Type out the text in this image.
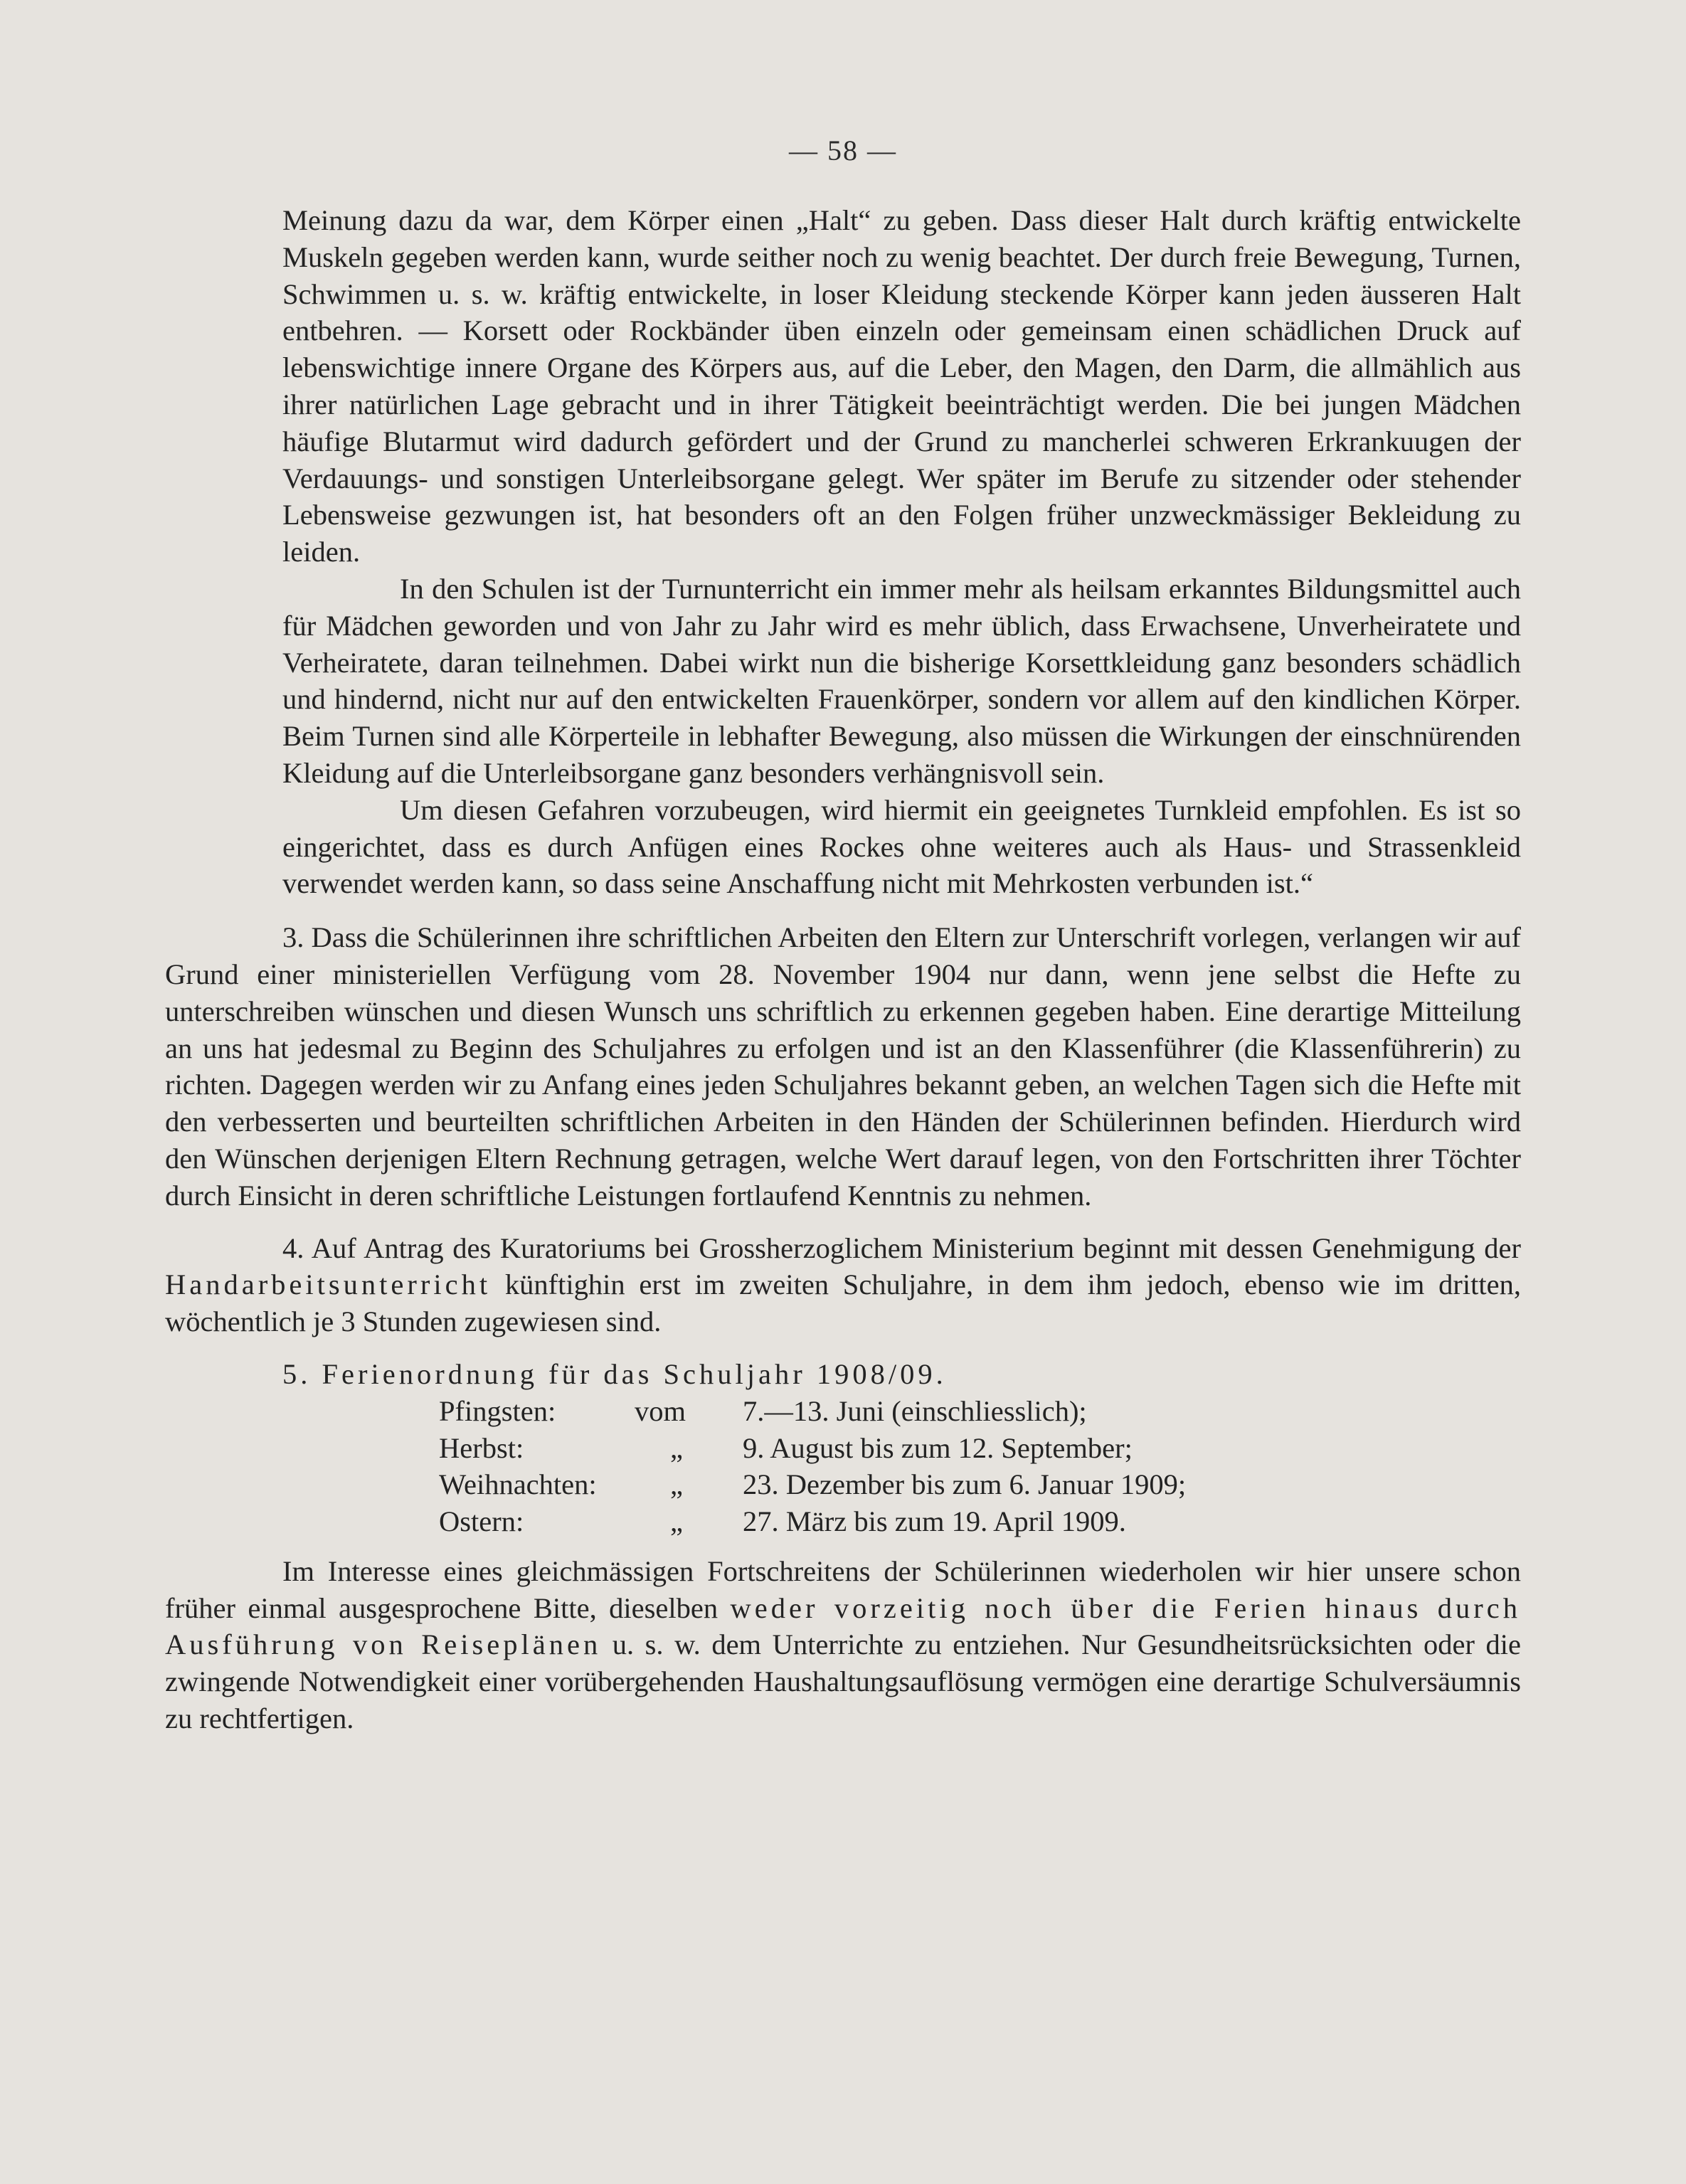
— 58 —

Meinung dazu da war, dem Körper einen „Halt“ zu geben. Dass dieser Halt durch kräftig entwickelte Muskeln gegeben werden kann, wurde seither noch zu wenig beachtet. Der durch freie Bewegung, Turnen, Schwimmen u. s. w. kräftig entwickelte, in loser Kleidung steckende Körper kann jeden äusseren Halt entbehren. — Korsett oder Rockbänder üben einzeln oder gemeinsam einen schädlichen Druck auf lebenswichtige innere Organe des Körpers aus, auf die Leber, den Magen, den Darm, die allmählich aus ihrer natürlichen Lage gebracht und in ihrer Tätigkeit beeinträchtigt werden. Die bei jungen Mädchen häufige Blutarmut wird dadurch gefördert und der Grund zu mancherlei schweren Erkrankuugen der Verdauungs- und sonstigen Unterleibsorgane gelegt. Wer später im Berufe zu sitzender oder stehender Lebensweise gezwungen ist, hat besonders oft an den Folgen früher unzweckmässiger Bekleidung zu leiden.

In den Schulen ist der Turnunterricht ein immer mehr als heilsam erkanntes Bildungsmittel auch für Mädchen geworden und von Jahr zu Jahr wird es mehr üblich, dass Erwachsene, Unverheiratete und Verheiratete, daran teilnehmen. Dabei wirkt nun die bisherige Korsettkleidung ganz besonders schädlich und hindernd, nicht nur auf den entwickelten Frauenkörper, sondern vor allem auf den kindlichen Körper. Beim Turnen sind alle Körperteile in lebhafter Bewegung, also müssen die Wirkungen der einschnürenden Kleidung auf die Unterleibsorgane ganz besonders verhängnisvoll sein.

Um diesen Gefahren vorzubeugen, wird hiermit ein geeignetes Turnkleid empfohlen. Es ist so eingerichtet, dass es durch Anfügen eines Rockes ohne weiteres auch als Haus- und Strassenkleid verwendet werden kann, so dass seine Anschaffung nicht mit Mehrkosten verbunden ist.“

3. Dass die Schülerinnen ihre schriftlichen Arbeiten den Eltern zur Unterschrift vorlegen, verlangen wir auf Grund einer ministeriellen Verfügung vom 28. November 1904 nur dann, wenn jene selbst die Hefte zu unterschreiben wünschen und diesen Wunsch uns schriftlich zu erkennen gegeben haben. Eine derartige Mitteilung an uns hat jedesmal zu Beginn des Schuljahres zu erfolgen und ist an den Klassenführer (die Klassenführerin) zu richten. Dagegen werden wir zu Anfang eines jeden Schuljahres bekannt geben, an welchen Tagen sich die Hefte mit den verbesserten und beurteilten schriftlichen Arbeiten in den Händen der Schülerinnen befinden. Hierdurch wird den Wünschen derjenigen Eltern Rechnung getragen, welche Wert darauf legen, von den Fortschritten ihrer Töchter durch Einsicht in deren schriftliche Leistungen fortlaufend Kenntnis zu nehmen.

4. Auf Antrag des Kuratoriums bei Grossherzoglichem Ministerium beginnt mit dessen Genehmigung der Handarbeitsunterricht künftighin erst im zweiten Schuljahre, in dem ihm jedoch, ebenso wie im dritten, wöchentlich je 3 Stunden zugewiesen sind.

5. Ferienordnung für das Schuljahr 1908/09.

Pfingsten:	vom	7.—13. Juni (einschliesslich);
Herbst:	„	9. August bis zum 12. September;
Weihnachten:	„	23. Dezember bis zum 6. Januar 1909;
Ostern:	„	27. März bis zum 19. April 1909.

Im Interesse eines gleichmässigen Fortschreitens der Schülerinnen wiederholen wir hier unsere schon früher einmal ausgesprochene Bitte, dieselben weder vorzeitig noch über die Ferien hinaus durch Ausführung von Reiseplänen u. s. w. dem Unterrichte zu entziehen. Nur Gesundheitsrücksichten oder die zwingende Notwendigkeit einer vorübergehenden Haushaltungsauflösung vermögen eine derartige Schulversäumnis zu rechtfertigen.
